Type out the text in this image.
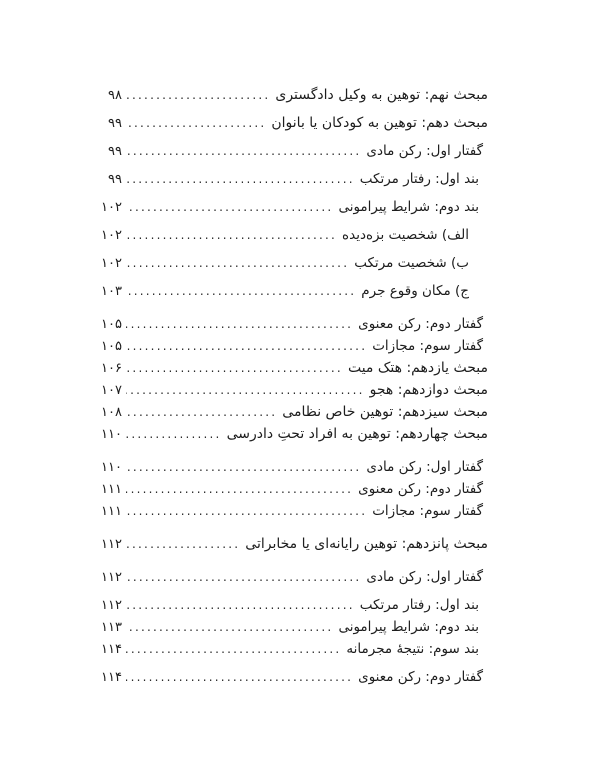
مبحث نهم: توهین به وکیل دادگستری
.....
۹۸
مبحث دهم: توهین به کودکان یا بانوان
.....
۹۹
گفتار اول: رکن مادی
.....
۹۹
بند اول: رفتار مرتکب
.....
۹۹
بند دوم: شرایط پیرامونی
.....
۱۰۲
الف) شخصیت بزه‌دیده
.....
۱۰۲
ب) شخصیت مرتکب
.....
۱۰۲
ج) مکان وقوع جرم
.....
۱۰۳
گفتار دوم: رکن معنوی
.....
۱۰۵
گفتار سوم: مجازات
.....
۱۰۵
مبحث یازدهم: هتک میت
.....
۱۰۶
مبحث دوازدهم: هجو
.....
۱۰۷
مبحث سیزدهم: توهین خاص نظامی
.....
۱۰۸
مبحث چهاردهم: توهین به افراد تحتِ دادرسی
.....
۱۱۰
گفتار اول: رکن مادی
.....
۱۱۰
گفتار دوم: رکن معنوی
.....
۱۱۱
گفتار سوم: مجازات
.....
۱۱۱
مبحث پانزدهم: توهین رایانه‌ای یا مخابراتی
.....
۱۱۲
گفتار اول: رکن مادی
.....
۱۱۲
بند اول: رفتار مرتکب
.....
۱۱۲
بند دوم: شرایط پیرامونی
.....
۱۱۳
بند سوم: نتیجهٔ مجرمانه
.....
۱۱۴
گفتار دوم: رکن معنوی
.....
۱۱۴
